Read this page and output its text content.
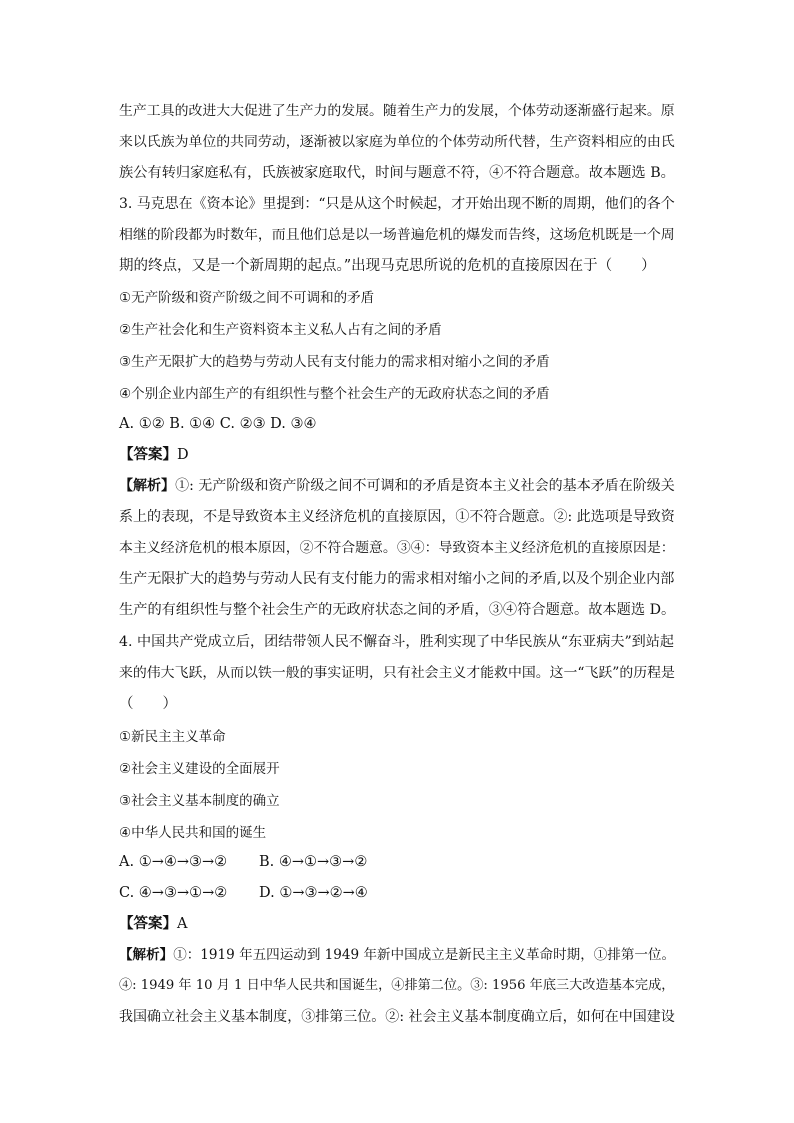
生产工具的改进大大促进了生产力的发展。随着生产力的发展，个体劳动逐渐盛行起来。原
来以氏族为单位的共同劳动，逐渐被以家庭为单位的个体劳动所代替，生产资料相应的由氏
族公有转归家庭私有，氏族被家庭取代，时间与题意不符，④不符合题意。故本题选 B。
3. 马克思在《资本论》里提到：“只是从这个时候起，才开始出现不断的周期，他们的各个
相继的阶段都为时数年，而且他们总是以一场普遍危机的爆发而告终，这场危机既是一个周
期的终点，又是一个新周期的起点。”出现马克思所说的危机的直接原因在于（　　）
①无产阶级和资产阶级之间不可调和的矛盾
②生产社会化和生产资料资本主义私人占有之间的矛盾
③生产无限扩大的趋势与劳动人民有支付能力的需求相对缩小之间的矛盾
④个别企业内部生产的有组织性与整个社会生产的无政府状态之间的矛盾
A. ①② B. ①④ C. ②③ D. ③④
【答案】D
【解析】①: 无产阶级和资产阶级之间不可调和的矛盾是资本主义社会的基本矛盾在阶级关
系上的表现，不是导致资本主义经济危机的直接原因，①不符合题意。②: 此选项是导致资
本主义经济危机的根本原因，②不符合题意。③④：导致资本主义经济危机的直接原因是：
生产无限扩大的趋势与劳动人民有支付能力的需求相对缩小之间的矛盾,以及个别企业内部
生产的有组织性与整个社会生产的无政府状态之间的矛盾，③④符合题意。故本题选 D。
4. 中国共产党成立后，团结带领人民不懈奋斗，胜利实现了中华民族从“东亚病夫”到站起
来的伟大飞跃，从而以铁一般的事实证明，只有社会主义才能救中国。这一“飞跃”的历程是
（　　）
①新民主主义革命
②社会主义建设的全面展开
③社会主义基本制度的确立
④中华人民共和国的诞生
A. ①→④→③→② B. ④→①→③→②
C. ④→③→①→② D. ①→③→②→④
【答案】A
【解析】①：1919 年五四运动到 1949 年新中国成立是新民主主义革命时期，①排第一位。
④: 1949 年 10 月 1 日中华人民共和国诞生，④排第二位。③: 1956 年底三大改造基本完成，
我国确立社会主义基本制度，③排第三位。②: 社会主义基本制度确立后，如何在中国建设
